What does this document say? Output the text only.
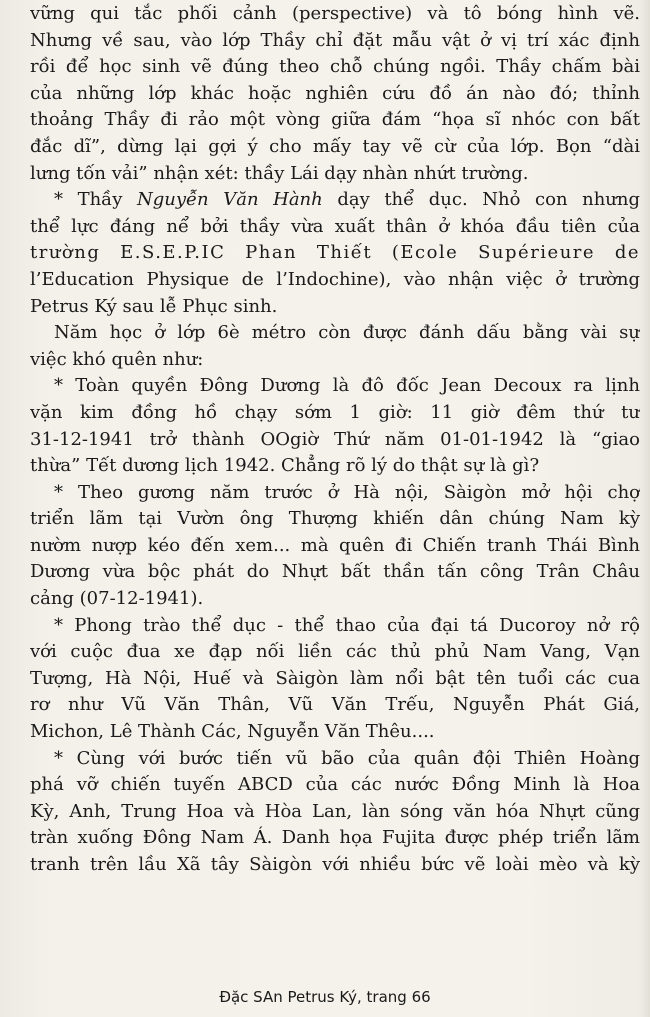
vững qui tắc phối cảnh (perspective) và tô bóng hình vẽ.
Nhưng về sau, vào lớp Thầy chỉ đặt mẫu vật ở vị trí xác định
rồi để học sinh vẽ đúng theo chỗ chúng ngồi. Thầy chấm bài
của những lớp khác hoặc nghiên cứu đồ án nào đó; thỉnh
thoảng Thầy đi rảo một vòng giữa đám “họa sĩ nhóc con bất
đắc dĩ”, dừng lại gợi ý cho mấy tay vẽ cừ của lớp. Bọn “dài
lưng tốn vải” nhận xét: thầy Lái dạy nhàn nhứt trường.
* Thầy Nguyễn Văn Hành dạy thể dục. Nhỏ con nhưng
thể lực đáng nể bởi thầy vừa xuất thân ở khóa đầu tiên của
trường E.S.E.P.IC Phan Thiết (Ecole Supérieure de
l’Education Physique de l’Indochine), vào nhận việc ở trường
Petrus Ký sau lễ Phục sinh.
Năm học ở lớp 6è métro còn được đánh dấu bằng vài sự
việc khó quên như:
* Toàn quyền Đông Dương là đô đốc Jean Decoux ra lịnh
vặn kim đồng hồ chạy sớm 1 giờ: 11 giờ đêm thứ tư
31-12-1941 trở thành OOgiờ Thứ năm 01-01-1942 là “giao
thừa” Tết dương lịch 1942. Chẳng rõ lý do thật sự là gì?
* Theo gương năm trước ở Hà nội, Sàigòn mở hội chợ
triển lãm tại Vườn ông Thượng khiến dân chúng Nam kỳ
nườm nượp kéo đến xem... mà quên đi Chiến tranh Thái Bình
Dương vừa bộc phát do Nhựt bất thần tấn công Trân Châu
cảng (07-12-1941).
* Phong trào thể dục - thể thao của đại tá Ducoroy nở rộ
với cuộc đua xe đạp nối liền các thủ phủ Nam Vang, Vạn
Tượng, Hà Nội, Huế và Sàigòn làm nổi bật tên tuổi các cua
rơ như Vũ Văn Thân, Vũ Văn Trếu, Nguyễn Phát Giá,
Michon, Lê Thành Các, Nguyễn Văn Thêu....
* Cùng với bước tiến vũ bão của quân đội Thiên Hoàng
phá vỡ chiến tuyến ABCD của các nước Đồng Minh là Hoa
Kỳ, Anh, Trung Hoa và Hòa Lan, làn sóng văn hóa Nhựt cũng
tràn xuống Đông Nam Á. Danh họa Fujita được phép triển lãm
tranh trên lầu Xã tây Sàigòn với nhiều bức vẽ loài mèo và kỳ
Đặc SAn Petrus Ký, trang 66
